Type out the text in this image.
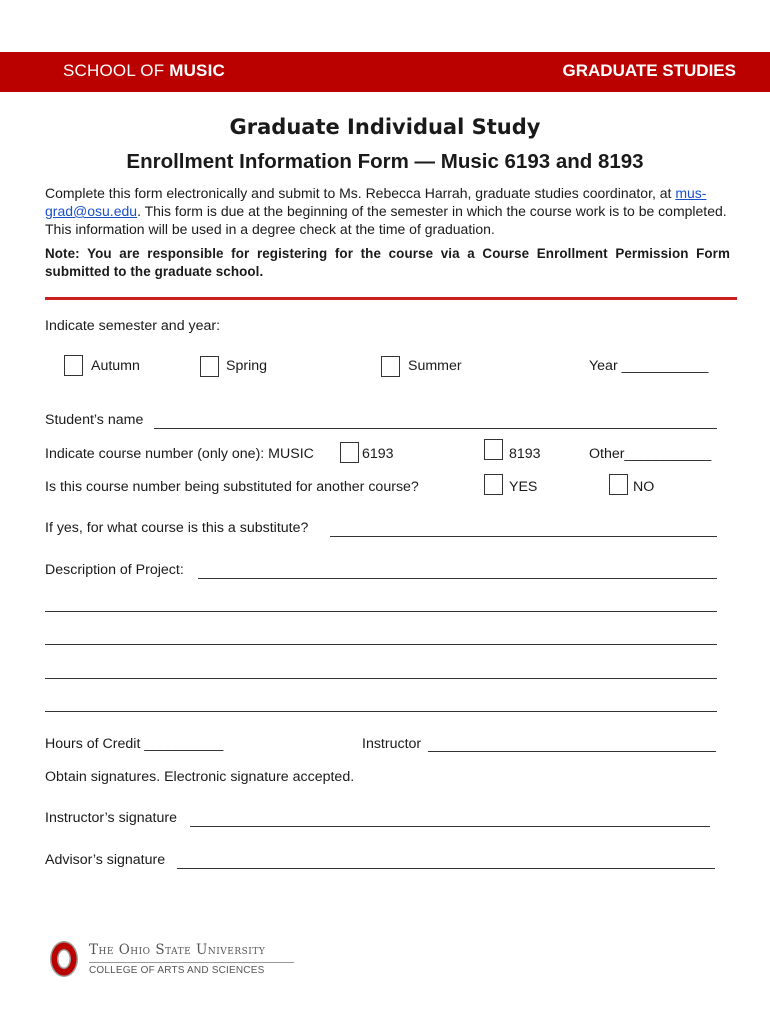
SCHOOL OF MUSIC	GRADUATE STUDIES
Graduate Individual Study
Enrollment Information Form — Music 6193 and 8193
Complete this form electronically and submit to Ms. Rebecca Harrah, graduate studies coordinator, at mus-grad@osu.edu. This form is due at the beginning of the semester in which the course work is to be completed. This information will be used in a degree check at the time of graduation.
Note: You are responsible for registering for the course via a Course Enrollment Permission Form submitted to the graduate school.
Indicate semester and year:
Autumn	Spring	Summer	Year ___________
Student’s name
Indicate course number (only one): MUSIC	6193	8193	Other___________
Is this course number being substituted for another course?	YES	NO
If yes, for what course is this a substitute?
Description of Project:
Hours of Credit __________	Instructor
Obtain signatures. Electronic signature accepted.
Instructor’s signature
Advisor’s signature
The Ohio State University
COLLEGE OF ARTS AND SCIENCES
